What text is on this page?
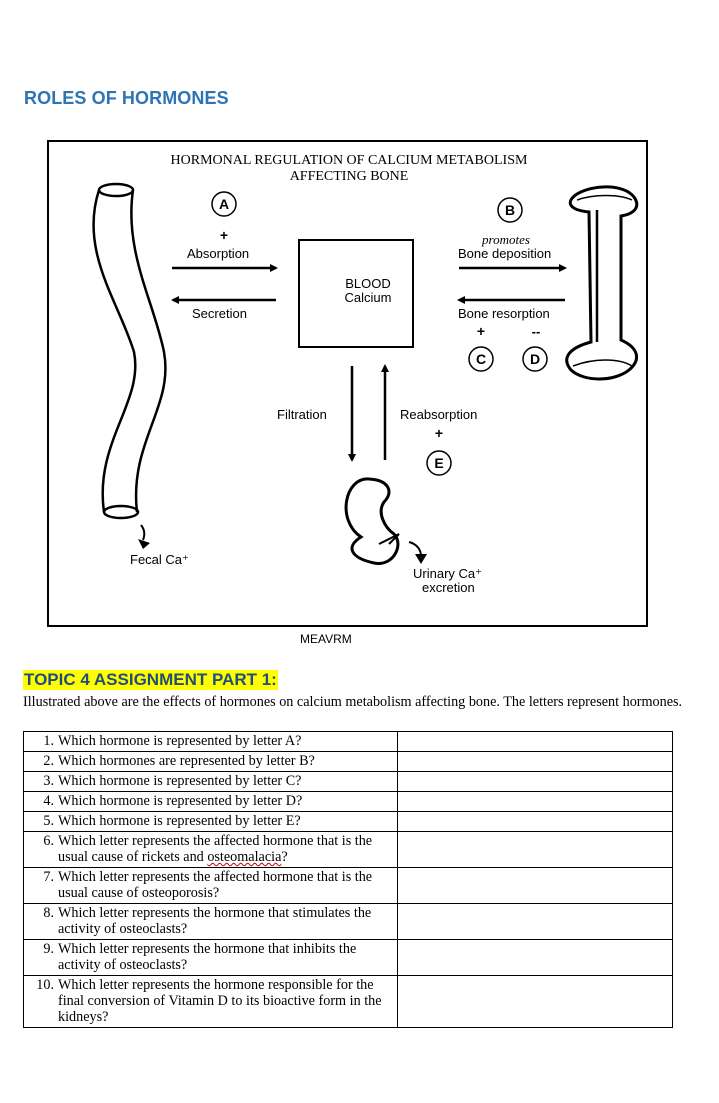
ROLES OF HORMONES
HORMONAL REGULATION OF CALCIUM METABOLISM
AFFECTING BONE
A
+
Absorption
Secretion
BLOOD
Calcium
B
promotes
Bone deposition
Bone resorption
+	--
C	D
Filtration	Reabsorption
+
E
Fecal Ca⁺
Urinary Ca⁺
excretion
MEAVRM
TOPIC 4 ASSIGNMENT PART 1:
Illustrated above are the effects of hormones on calcium metabolism affecting bone. The letters represent hormones.
1. Which hormone is represented by letter A?	

2. Which hormones are represented by letter B?	

3. Which hormone is represented by letter C?	

4. Which hormone is represented by letter D?	

5. Which hormone is represented by letter E?	

6. Which letter represents the affected hormone that is the usual cause of rickets and osteomalacia?	

7. Which letter represents the affected hormone that is the usual cause of osteoporosis?	

8. Which letter represents the hormone that stimulates the activity of osteoclasts?	

9. Which letter represents the hormone that inhibits the activity of osteoclasts?	

10. Which letter represents the hormone responsible for the final conversion of Vitamin D to its bioactive form in the kidneys?	
